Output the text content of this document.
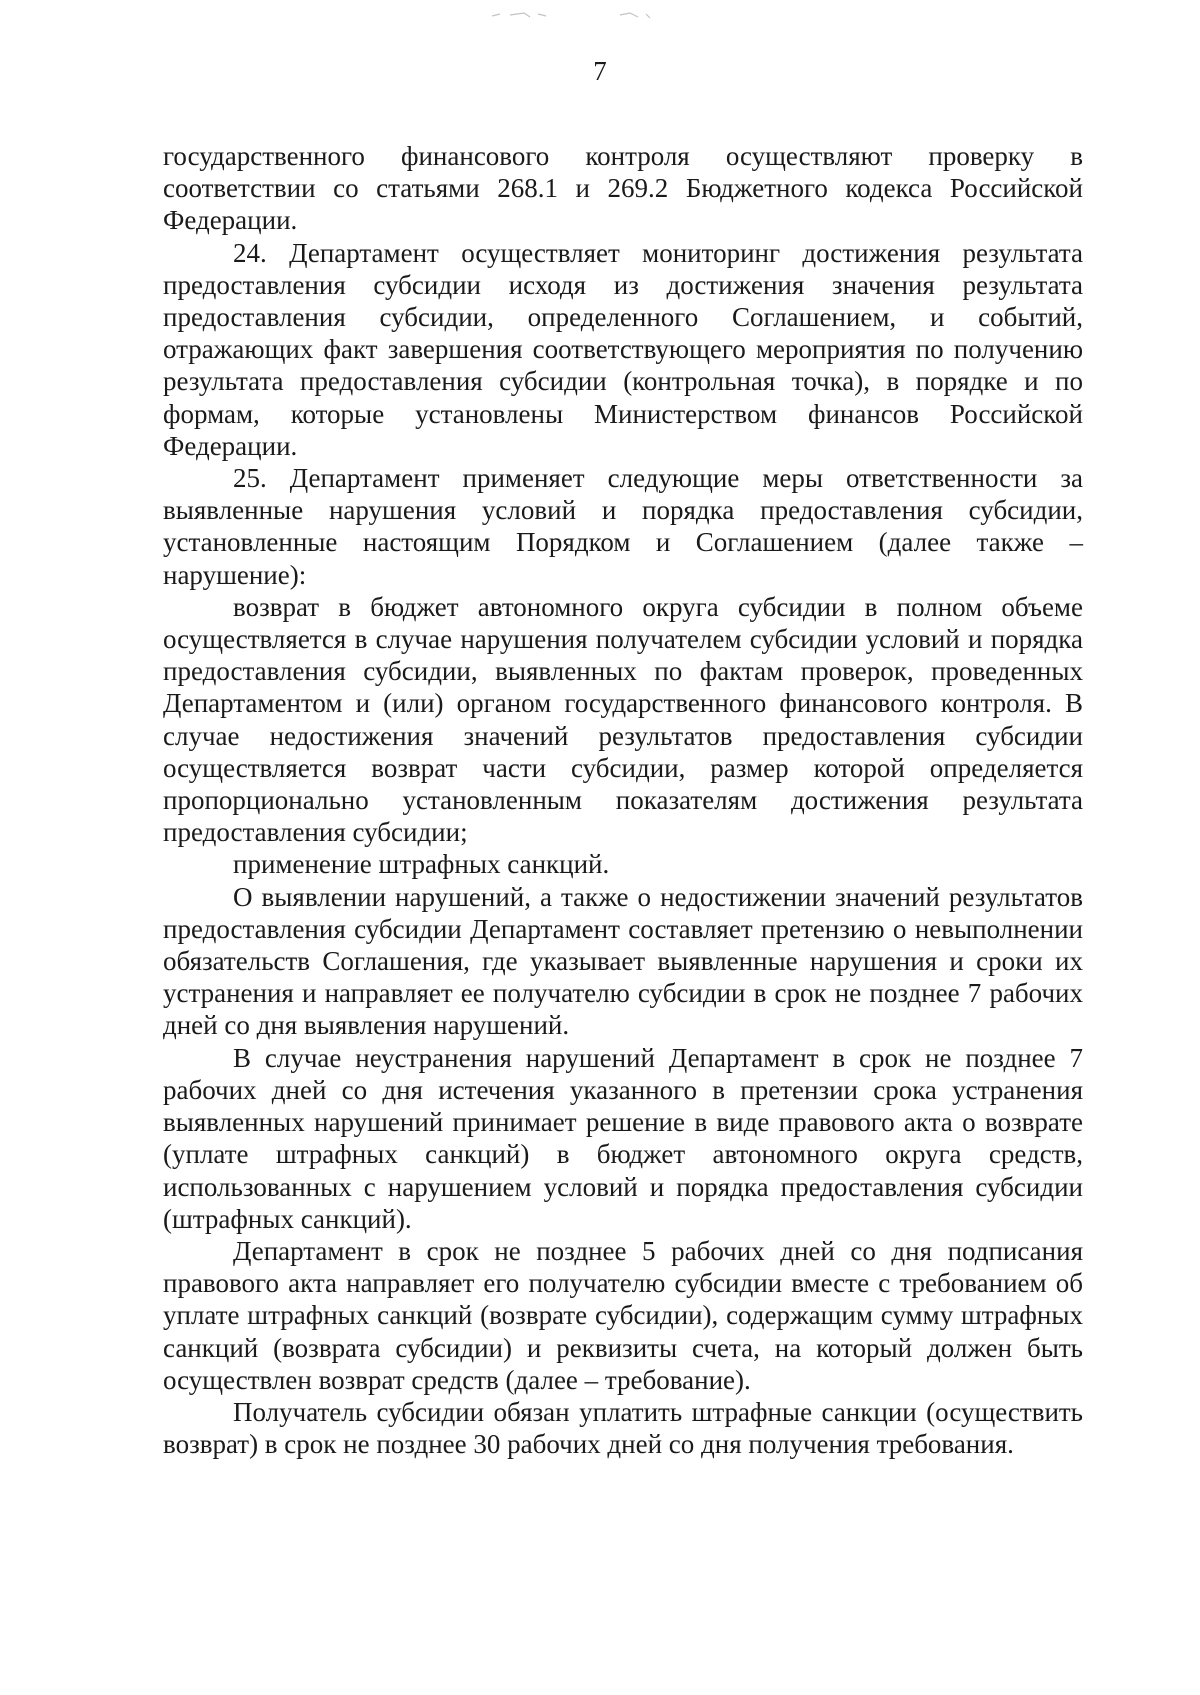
7

государственного финансового контроля осуществляют проверку в соответствии со статьями 268.1 и 269.2 Бюджетного кодекса Российской Федерации.

24. Департамент осуществляет мониторинг достижения результата предоставления субсидии исходя из достижения значения результата предоставления субсидии, определенного Соглашением, и событий, отражающих факт завершения соответствующего мероприятия по получению результата предоставления субсидии (контрольная точка), в порядке и по формам, которые установлены Министерством финансов Российской Федерации.

25. Департамент применяет следующие меры ответственности за выявленные нарушения условий и порядка предоставления субсидии, установленные настоящим Порядком и Соглашением (далее также – нарушение):

возврат в бюджет автономного округа субсидии в полном объеме осуществляется в случае нарушения получателем субсидии условий и порядка предоставления субсидии, выявленных по фактам проверок, проведенных Департаментом и (или) органом государственного финансового контроля. В случае недостижения значений результатов предоставления субсидии осуществляется возврат части субсидии, размер которой определяется пропорционально установленным показателям достижения результата предоставления субсидии;

применение штрафных санкций.

О выявлении нарушений, а также о недостижении значений результатов предоставления субсидии Департамент составляет претензию о невыполнении обязательств Соглашения, где указывает выявленные нарушения и сроки их устранения и направляет ее получателю субсидии в срок не позднее 7 рабочих дней со дня выявления нарушений.

В случае неустранения нарушений Департамент в срок не позднее 7 рабочих дней со дня истечения указанного в претензии срока устранения выявленных нарушений принимает решение в виде правового акта о возврате (уплате штрафных санкций) в бюджет автономного округа средств, использованных с нарушением условий и порядка предоставления субсидии (штрафных санкций).

Департамент в срок не позднее 5 рабочих дней со дня подписания правового акта направляет его получателю субсидии вместе с требованием об уплате штрафных санкций (возврате субсидии), содержащим сумму штрафных санкций (возврата субсидии) и реквизиты счета, на который должен быть осуществлен возврат средств (далее – требование).

Получатель субсидии обязан уплатить штрафные санкции (осуществить возврат) в срок не позднее 30 рабочих дней со дня получения требования.
